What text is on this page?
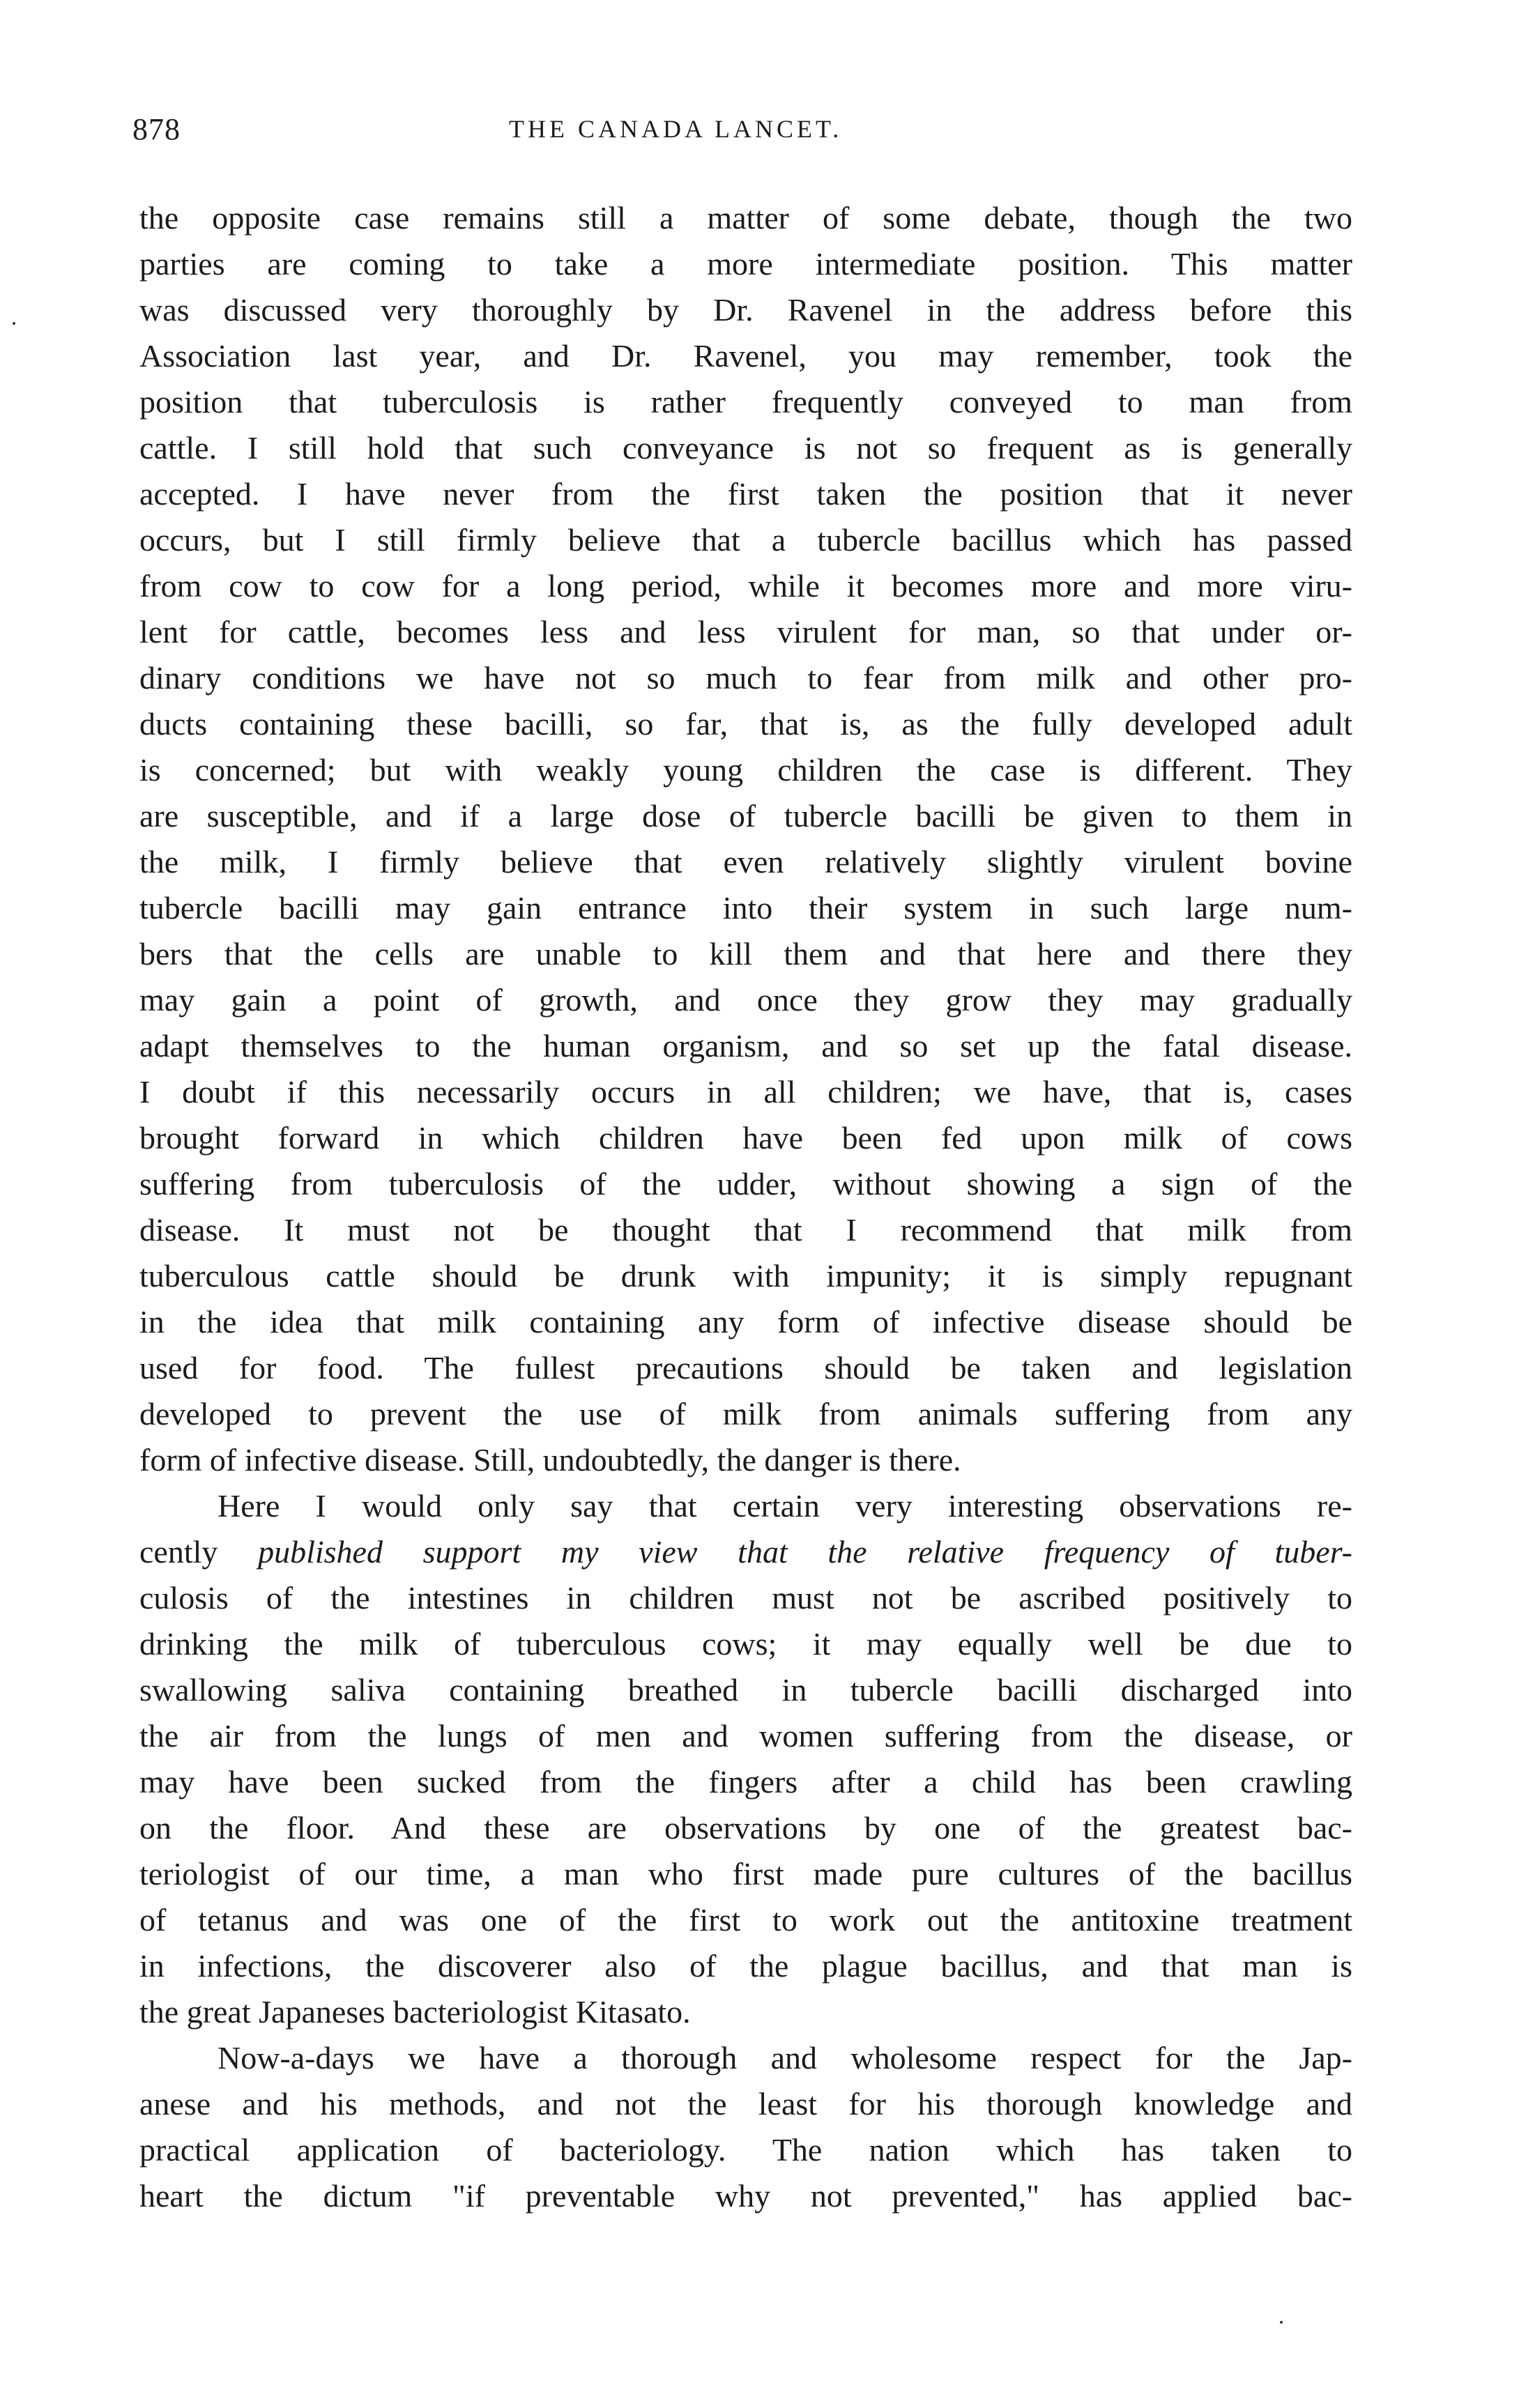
878	THE CANADA LANCET.
the opposite case remains still a matter of some debate, though the two
parties are coming to take a more intermediate position. This matter
was discussed very thoroughly by Dr. Ravenel in the address before this
Association last year, and Dr. Ravenel, you may remember, took the
position that tuberculosis is rather frequently conveyed to man from
cattle. I still hold that such conveyance is not so frequent as is generally
accepted. I have never from the first taken the position that it never
occurs, but I still firmly believe that a tubercle bacillus which has passed
from cow to cow for a long period, while it becomes more and more viru-
lent for cattle, becomes less and less virulent for man, so that under or-
dinary conditions we have not so much to fear from milk and other pro-
ducts containing these bacilli, so far, that is, as the fully developed adult
is concerned; but with weakly young children the case is different. They
are susceptible, and if a large dose of tubercle bacilli be given to them in
the milk, I firmly believe that even relatively slightly virulent bovine
tubercle bacilli may gain entrance into their system in such large num-
bers that the cells are unable to kill them and that here and there they
may gain a point of growth, and once they grow they may gradually
adapt themselves to the human organism, and so set up the fatal disease.
I doubt if this necessarily occurs in all children; we have, that is, cases
brought forward in which children have been fed upon milk of cows
suffering from tuberculosis of the udder, without showing a sign of the
disease. It must not be thought that I recommend that milk from
tuberculous cattle should be drunk with impunity; it is simply repugnant
in the idea that milk containing any form of infective disease should be
used for food. The fullest precautions should be taken and legislation
developed to prevent the use of milk from animals suffering from any
form of infective disease. Still, undoubtedly, the danger is there.
Here I would only say that certain very interesting observations re-
cently published support my view that the relative frequency of tuber-
culosis of the intestines in children must not be ascribed positively to
drinking the milk of tuberculous cows; it may equally well be due to
swallowing saliva containing breathed in tubercle bacilli discharged into
the air from the lungs of men and women suffering from the disease, or
may have been sucked from the fingers after a child has been crawling
on the floor. And these are observations by one of the greatest bac-
teriologist of our time, a man who first made pure cultures of the bacillus
of tetanus and was one of the first to work out the antitoxine treatment
in infections, the discoverer also of the plague bacillus, and that man is
the great Japaneses bacteriologist Kitasato.
Now-a-days we have a thorough and wholesome respect for the Jap-
anese and his methods, and not the least for his thorough knowledge and
practical application of bacteriology. The nation which has taken to
heart the dictum "if preventable why not prevented," has applied bac-
